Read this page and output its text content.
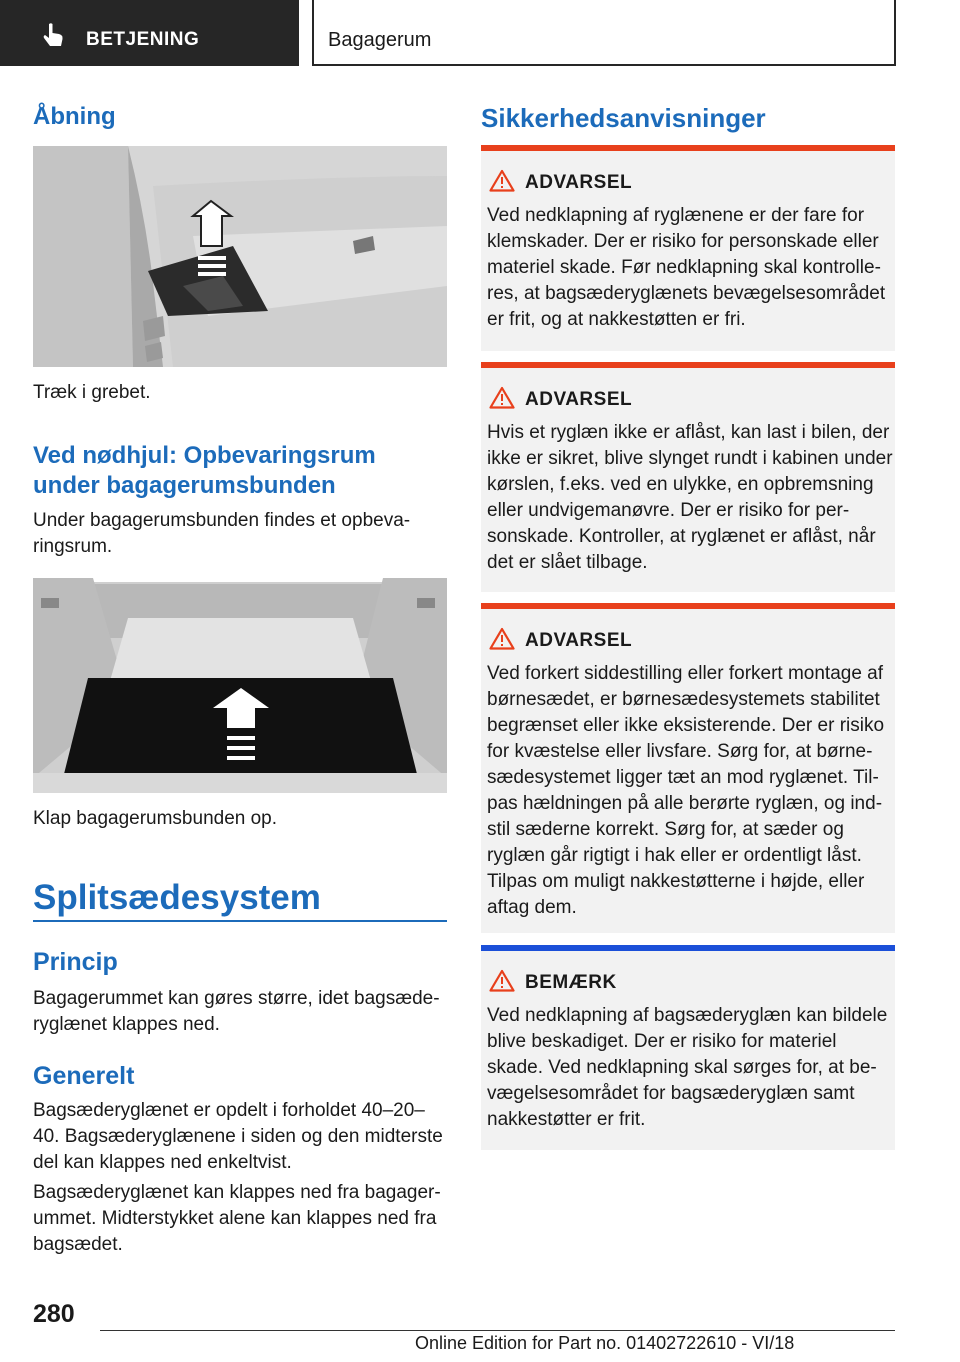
BETJENING	Bagagerum
Åbning
Træk i grebet.
Ved nødhjul: Opbevaringsrum
under bagagerumsbunden
Under bagagerumsbunden findes et opbevaringsrum.
Klap bagagerumsbunden op.
Splitsædesystem
Princip
Bagagerummet kan gøres større, idet bagsæderyglænet klappes ned.
Generelt
Bagsæderyglænet er opdelt i forholdet 40–20–40. Bagsæderyglænene i siden og den midterste del kan klappes ned enkeltvist.
Bagsæderyglænet kan klappes ned fra bagagerummet. Midterstykket alene kan klappes ned fra bagsædet.
Sikkerhedsanvisninger
ADVARSEL
Ved nedklapning af ryglænene er der fare for klemskader. Der er risiko for personskade eller materiel skade. Før nedklapning skal kontrolleres, at bagsæderyglænets bevægelsesområdet er frit, og at nakkestøtten er fri.
ADVARSEL
Hvis et ryglæn ikke er aflåst, kan last i bilen, der ikke er sikret, blive slynget rundt i kabinen under kørslen, f.eks. ved en ulykke, en opbremsning eller undvigemanøvre. Der er risiko for personskade. Kontroller, at ryglænet er aflåst, når det er slået tilbage.
ADVARSEL
Ved forkert siddestilling eller forkert montage af børnesædet, er børnesædesystemets stabilitet begrænset eller ikke eksisterende. Der er risiko for kvæstelse eller livsfare. Sørg for, at børnesædesystemet ligger tæt an mod ryglænet. Tilpas hældningen på alle berørte ryglæn, og indstil sæderne korrekt. Sørg for, at sæder og ryglæn går rigtigt i hak eller er ordentligt låst. Tilpas om muligt nakkestøtterne i højde, eller aftag dem.
BEMÆRK
Ved nedklapning af bagsæderyglæn kan bildele blive beskadiget. Der er risiko for materiel skade. Ved nedklapning skal sørges for, at bevægelsesområdet for bagsæderyglæn samt nakkestøtter er frit.
280
Online Edition for Part no. 01402722610 - VI/18
